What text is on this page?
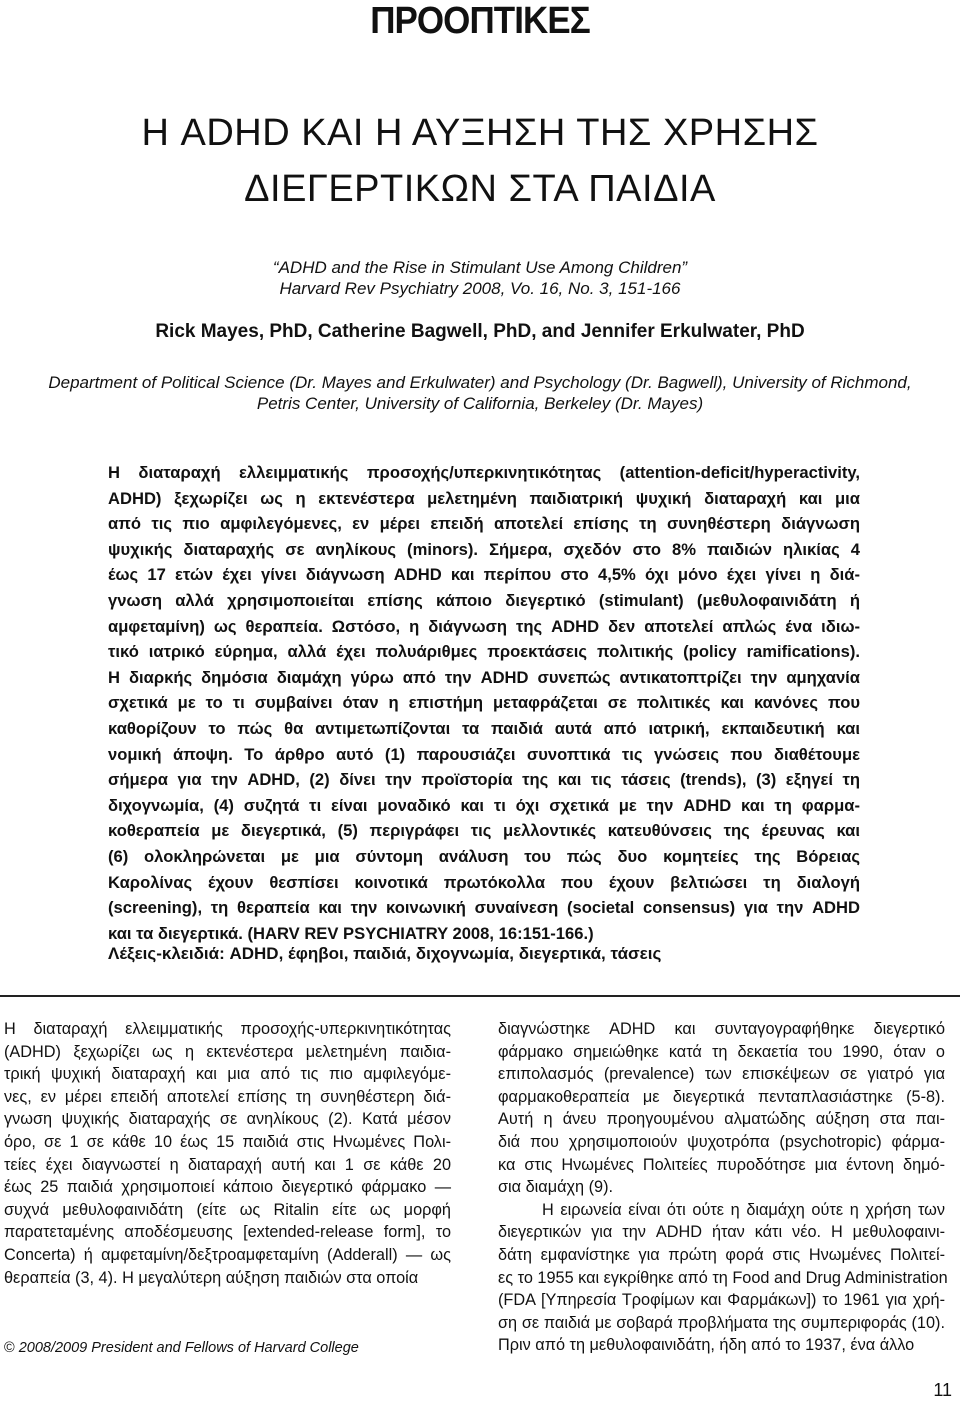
ΠΡΟΟΠΤΙΚΕΣ
Η ADHD ΚΑΙ Η ΑΥΞΗΣΗ ΤΗΣ ΧΡΗΣΗΣ
ΔΙΕΓΕΡΤΙΚΩΝ ΣΤΑ ΠΑΙΔΙΑ
“ADHD and the Rise in Stimulant Use Among Children”
Harvard Rev Psychiatry 2008, Vo. 16, No. 3, 151-166
Rick Mayes, PhD, Catherine Bagwell, PhD, and Jennifer Erkulwater, PhD
Department of Political Science (Dr. Mayes and Erkulwater) and Psychology (Dr. Bagwell), University of Richmond,
Petris Center, University of California, Berkeley (Dr. Mayes)
Η διαταραχή ελλειμματικής προσοχής/υπερκινητικότητας (attention-deficit/hyperactivity,
ADHD) ξεχωρίζει ως η εκτενέστερα μελετημένη παιδιατρική ψυχική διαταραχή και μια
από τις πιο αμφιλεγόμενες, εν μέρει επειδή αποτελεί επίσης τη συνηθέστερη διάγνωση
ψυχικής διαταραχής σε ανηλίκους (minors). Σήμερα, σχεδόν στο 8% παιδιών ηλικίας 4
έως 17 ετών έχει γίνει διάγνωση ADHD και περίπου στο 4,5% όχι μόνο έχει γίνει η διά-
γνωση αλλά χρησιμοποιείται επίσης κάποιο διεγερτικό (stimulant) (μεθυλοφαινιδάτη ή
αμφεταμίνη) ως θεραπεία. Ωστόσο, η διάγνωση της ADHD δεν αποτελεί απλώς ένα ιδιω-
τικό ιατρικό εύρημα, αλλά έχει πολυάριθμες προεκτάσεις πολιτικής (policy ramifications).
Η διαρκής δημόσια διαμάχη γύρω από την ADHD συνεπώς αντικατοπτρίζει την αμηχανία
σχετικά με το τι συμβαίνει όταν η επιστήμη μεταφράζεται σε πολιτικές και κανόνες που
καθορίζουν το πώς θα αντιμετωπίζονται τα παιδιά αυτά από ιατρική, εκπαιδευτική και
νομική άποψη. Το άρθρο αυτό (1) παρουσιάζει συνοπτικά τις γνώσεις που διαθέτουμε
σήμερα για την ADHD, (2) δίνει την προϊστορία της και τις τάσεις (trends), (3) εξηγεί τη
διχογνωμία, (4) συζητά τι είναι μοναδικό και τι όχι σχετικά με την ADHD και τη φαρμα-
κοθεραπεία με διεγερτικά, (5) περιγράφει τις μελλοντικές κατευθύνσεις της έρευνας και
(6) ολοκληρώνεται με μια σύντομη ανάλυση του πώς δυο κομητείες της Βόρειας
Καρολίνας έχουν θεσπίσει κοινοτικά πρωτόκολλα που έχουν βελτιώσει τη διαλογή
(screening), τη θεραπεία και την κοινωνική συναίνεση (societal consensus) για την ADHD
και τα διεγερτικά. (HARV REV PSYCHIATRY 2008, 16:151-166.)
Λέξεις-κλειδιά: ADHD, έφηβοι, παιδιά, διχογνωμία, διεγερτικά, τάσεις
Η διαταραχή ελλειμματικής προσοχής-υπερκινητικότητας
(ADHD) ξεχωρίζει ως η εκτενέστερα μελετημένη παιδια-
τρική ψυχική διαταραχή και μια από τις πιο αμφιλεγόμε-
νες, εν μέρει επειδή αποτελεί επίσης τη συνηθέστερη διά-
γνωση ψυχικής διαταραχής σε ανηλίκους (2). Κατά μέσον
όρο, σε 1 σε κάθε 10 έως 15 παιδιά στις Ηνωμένες Πολι-
τείες έχει διαγνωστεί η διαταραχή αυτή και 1 σε κάθε 20
έως 25 παιδιά χρησιμοποιεί κάποιο διεγερτικό φάρμακο —
συχνά μεθυλοφαινιδάτη (είτε ως Ritalin είτε ως μορφή
παρατεταμένης αποδέσμευσης [extended-release form], το
Concerta) ή αμφεταμίνη/δεξτροαμφεταμίνη (Adderall) — ως
θεραπεία (3, 4). Η μεγαλύτερη αύξηση παιδιών στα οποία
διαγνώστηκε ADHD και συνταγογραφήθηκε διεγερτικό
φάρμακο σημειώθηκε κατά τη δεκαετία του 1990, όταν ο
επιπολασμός (prevalence) των επισκέψεων σε γιατρό για
φαρμακοθεραπεία με διεγερτικά πενταπλασιάστηκε (5-8).
Αυτή η άνευ προηγουμένου αλματώδης αύξηση στα παι-
διά που χρησιμοποιούν ψυχοτρόπα (psychotropic) φάρμα-
κα στις Ηνωμένες Πολιτείες πυροδότησε μια έντονη δημό-
σια διαμάχη (9).
Η ειρωνεία είναι ότι ούτε η διαμάχη ούτε η χρήση των
διεγερτικών για την ADHD ήταν κάτι νέο. Η μεθυλοφαινι-
δάτη εμφανίστηκε για πρώτη φορά στις Ηνωμένες Πολιτεί-
ες το 1955 και εγκρίθηκε από τη Food and Drug Administration
(FDA [Υπηρεσία Τροφίμων και Φαρμάκων]) το 1961 για χρή-
ση σε παιδιά με σοβαρά προβλήματα της συμπεριφοράς (10).
Πριν από τη μεθυλοφαινιδάτη, ήδη από το 1937, ένα άλλο
© 2008/2009 President and Fellows of Harvard College
11
